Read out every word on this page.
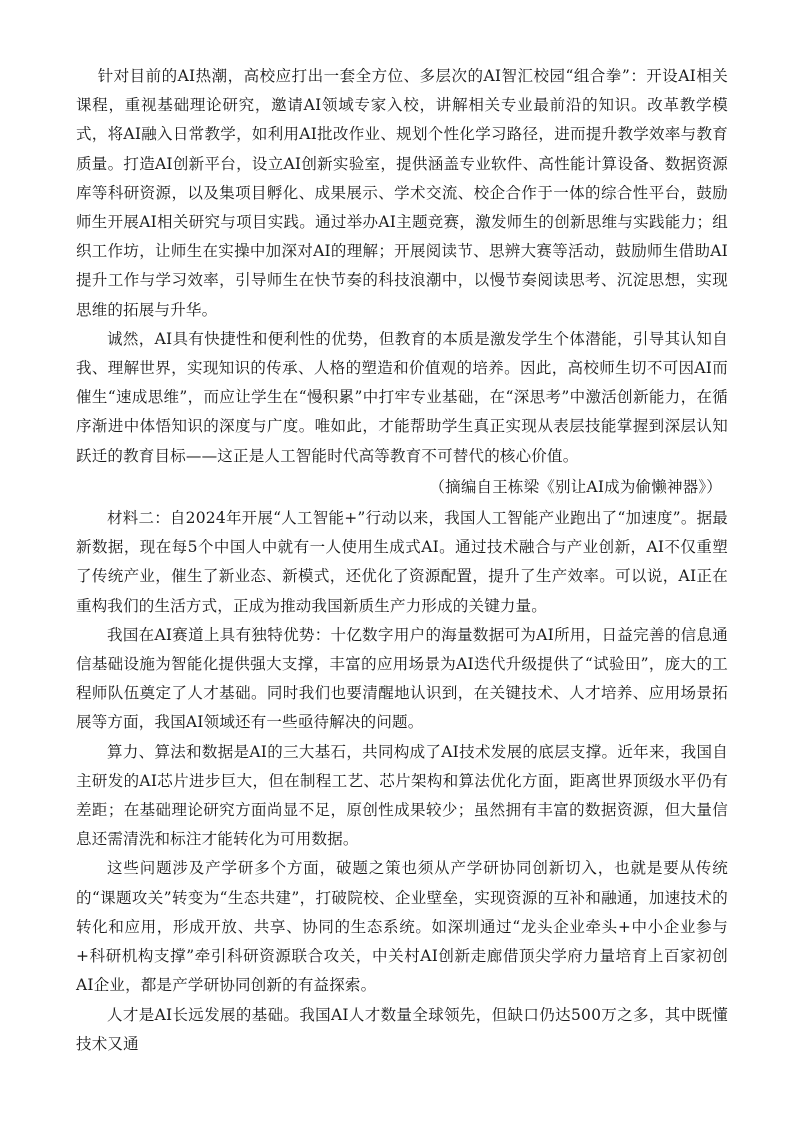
针对目前的AI热潮，高校应打出一套全方位、多层次的AI智汇校园“组合拳”：开设AI相关课程，重视基础理论研究，邀请AI领域专家入校，讲解相关专业最前沿的知识。改革教学模式，将AI融入日常教学，如利用AI批改作业、规划个性化学习路径，进而提升教学效率与教育质量。打造AI创新平台，设立AI创新实验室，提供涵盖专业软件、高性能计算设备、数据资源库等科研资源，以及集项目孵化、成果展示、学术交流、校企合作于一体的综合性平台，鼓励师生开展AI相关研究与项目实践。通过举办AI主题竞赛，激发师生的创新思维与实践能力；组织工作坊，让师生在实操中加深对AI的理解；开展阅读节、思辨大赛等活动，鼓励师生借助AI提升工作与学习效率，引导师生在快节奏的科技浪潮中，以慢节奏阅读思考、沉淀思想，实现思维的拓展与升华。

诚然，AI具有快捷性和便利性的优势，但教育的本质是激发学生个体潜能，引导其认知自我、理解世界，实现知识的传承、人格的塑造和价值观的培养。因此，高校师生切不可因AI而催生“速成思维”，而应让学生在“慢积累”中打牢专业基础，在“深思考”中激活创新能力，在循序渐进中体悟知识的深度与广度。唯如此，才能帮助学生真正实现从表层技能掌握到深层认知跃迁的教育目标——这正是人工智能时代高等教育不可替代的核心价值。

（摘编自王栋梁《别让AI成为偷懒神器》）

材料二：自2024年开展“人工智能+”行动以来，我国人工智能产业跑出了“加速度”。据最新数据，现在每5个中国人中就有一人使用生成式AI。通过技术融合与产业创新，AI不仅重塑了传统产业，催生了新业态、新模式，还优化了资源配置，提升了生产效率。可以说，AI正在重构我们的生活方式，正成为推动我国新质生产力形成的关键力量。

我国在AI赛道上具有独特优势：十亿数字用户的海量数据可为AI所用，日益完善的信息通信基础设施为智能化提供强大支撑，丰富的应用场景为AI迭代升级提供了“试验田”，庞大的工程师队伍奠定了人才基础。同时我们也要清醒地认识到，在关键技术、人才培养、应用场景拓展等方面，我国AI领域还有一些亟待解决的问题。

算力、算法和数据是AI的三大基石，共同构成了AI技术发展的底层支撑。近年来，我国自主研发的AI芯片进步巨大，但在制程工艺、芯片架构和算法优化方面，距离世界顶级水平仍有差距；在基础理论研究方面尚显不足，原创性成果较少；虽然拥有丰富的数据资源，但大量信息还需清洗和标注才能转化为可用数据。

这些问题涉及产学研多个方面，破题之策也须从产学研协同创新切入，也就是要从传统的“课题攻关”转变为“生态共建”，打破院校、企业壁垒，实现资源的互补和融通，加速技术的转化和应用，形成开放、共享、协同的生态系统。如深圳通过“龙头企业牵头+中小企业参与+科研机构支撑”牵引科研资源联合攻关，中关村AI创新走廊借顶尖学府力量培育上百家初创AI企业，都是产学研协同创新的有益探索。

人才是AI长远发展的基础。我国AI人才数量全球领先，但缺口仍达500万之多，其中既懂技术又通
